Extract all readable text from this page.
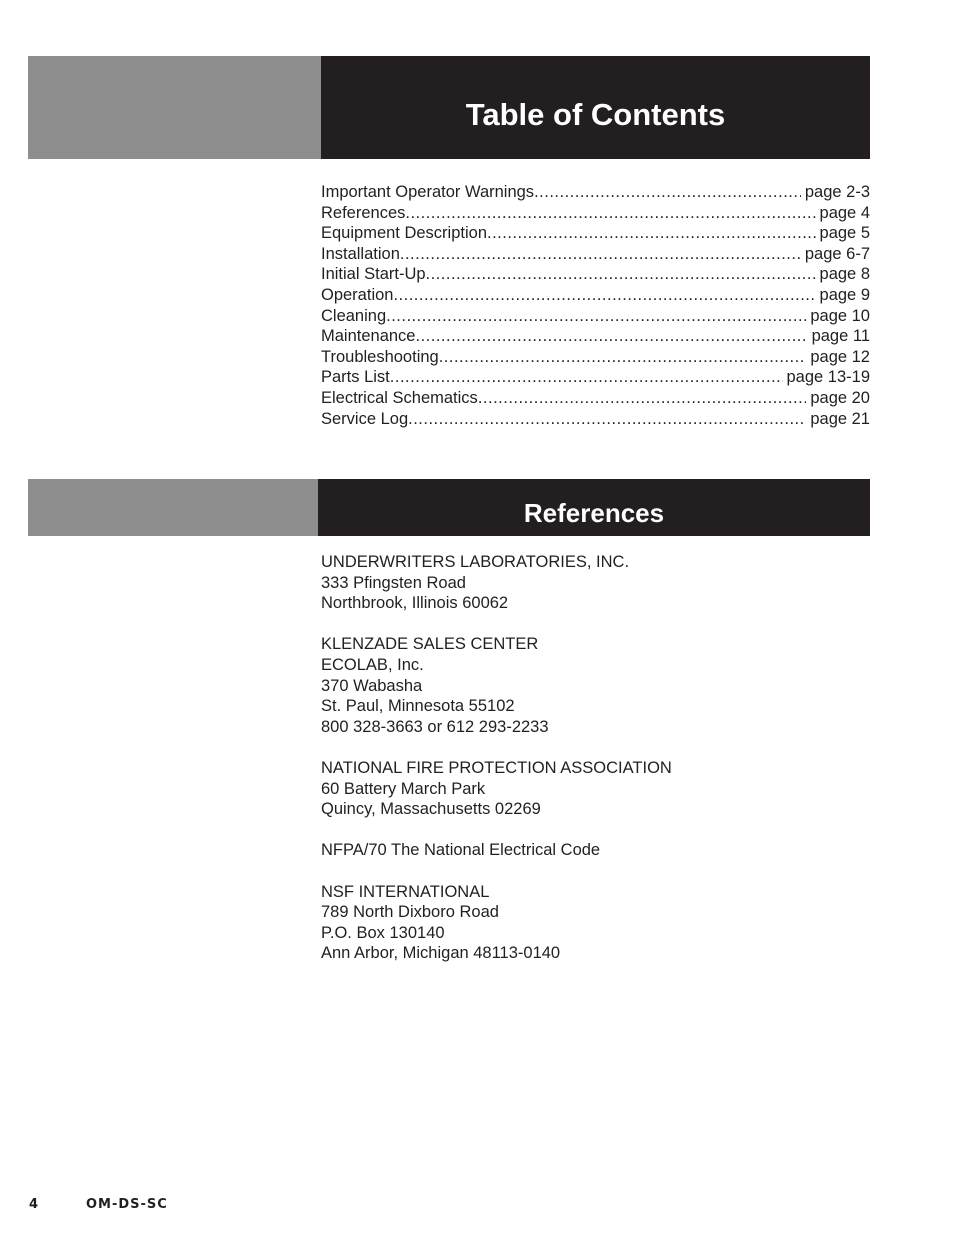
Table of Contents
Important Operator Warnings .....	page 2-3
References .....	page 4
Equipment Description .....	page 5
Installation .....	page 6-7
Initial Start-Up .....	page 8
Operation .....	page 9
Cleaning .....	page 10
Maintenance .....	page 11
Troubleshooting .....	page 12
Parts List .....	page 13-19
Electrical Schematics .....	page 20
Service Log .....	page 21
References
UNDERWRITERS LABORATORIES, INC.
333 Pfingsten Road
Northbrook, Illinois 60062
KLENZADE SALES CENTER
ECOLAB, Inc.
370 Wabasha
St. Paul, Minnesota 55102
800 328-3663 or 612 293-2233
NATIONAL FIRE PROTECTION ASSOCIATION
60 Battery March Park
Quincy, Massachusetts 02269
NFPA/70 The National Electrical Code
NSF INTERNATIONAL
789 North Dixboro Road
P.O. Box 130140
Ann Arbor, Michigan 48113-0140
4	OM-DS-SC
